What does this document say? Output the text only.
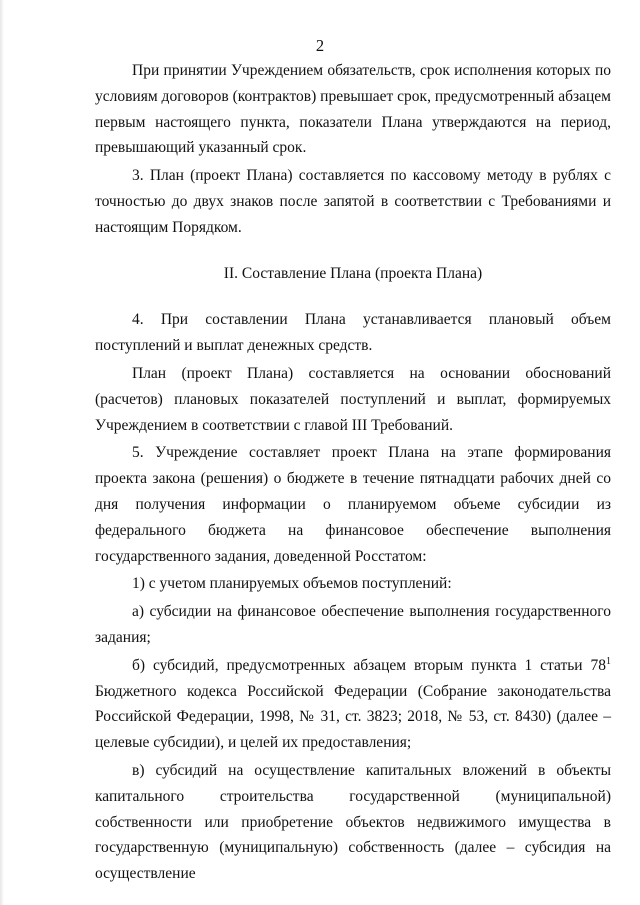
2

При принятии Учреждением обязательств, срок исполнения которых по условиям договоров (контрактов) превышает срок, предусмотренный абзацем первым настоящего пункта, показатели Плана утверждаются на период, превышающий указанный срок.

3. План (проект Плана) составляется по кассовому методу в рублях с точностью до двух знаков после запятой в соответствии с Требованиями и настоящим Порядком.

II. Составление Плана (проекта Плана)

4. При составлении Плана устанавливается плановый объем поступлений и выплат денежных средств.

План (проект Плана) составляется на основании обоснований (расчетов) плановых показателей поступлений и выплат, формируемых Учреждением в соответствии с главой III Требований.

5. Учреждение составляет проект Плана на этапе формирования проекта закона (решения) о бюджете в течение пятнадцати рабочих дней со дня получения информации о планируемом объеме субсидии из федерального бюджета на финансовое обеспечение выполнения государственного задания, доведенной Росстатом:

1) с учетом планируемых объемов поступлений:

а) субсидии на финансовое обеспечение выполнения государственного задания;

б) субсидий, предусмотренных абзацем вторым пункта 1 статьи $78^1$ Бюджетного кодекса Российской Федерации (Собрание законодательства Российской Федерации, 1998, № 31, ст. 3823; 2018, № 53, ст. 8430) (далее – целевые субсидии), и целей их предоставления;

в) субсидий на осуществление капитальных вложений в объекты капитального строительства государственной (муниципальной) собственности или приобретение объектов недвижимого имущества в государственную (муниципальную) собственность (далее – субсидия на осуществление
